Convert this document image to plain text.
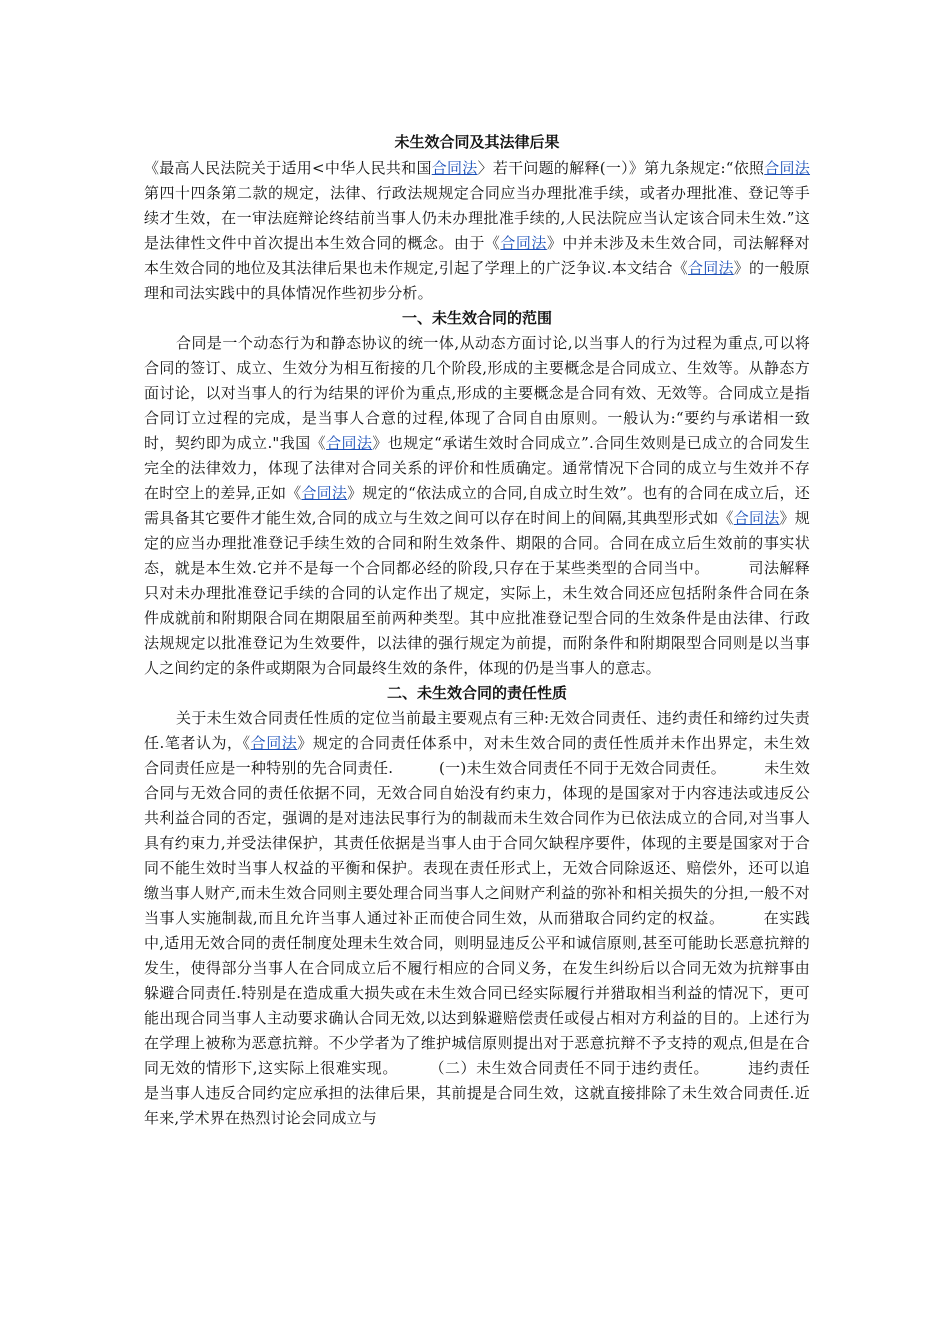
未生效合同及其法律后果

《最高人民法院关于适用<中华人民共和国合同法〉若干问题的解释(一）》第九条规定:“依照合同法第四十四条第二款的规定，法律、行政法规规定合同应当办理批准手续，或者办理批准、登记等手续才生效，在一审法庭辩论终结前当事人仍未办理批准手续的,人民法院应当认定该合同未生效.”这是法律性文件中首次提出本生效合同的概念。由于《合同法》中并未涉及未生效合同，司法解释对本生效合同的地位及其法律后果也未作规定,引起了学理上的广泛争议.本文结合《合同法》的一般原理和司法实践中的具体情况作些初步分析。

一、未生效合同的范围

合同是一个动态行为和静态协议的统一体,从动态方面讨论,以当事人的行为过程为重点,可以将合同的签订、成立、生效分为相互衔接的几个阶段,形成的主要概念是合同成立、生效等。从静态方面讨论，以对当事人的行为结果的评价为重点,形成的主要概念是合同有效、无效等。合同成立是指合同订立过程的完成，是当事人合意的过程,体现了合同自由原则。一般认为:“要约与承诺相一致时，契约即为成立."我国《合同法》也规定“承诺生效时合同成立”.合同生效则是已成立的合同发生完全的法律效力，体现了法律对合同关系的评价和性质确定。通常情况下合同的成立与生效并不存在时空上的差异,正如《合同法》规定的“依法成立的合同,自成立时生效”。也有的合同在成立后，还需具备其它要件才能生效,合同的成立与生效之间可以存在时间上的间隔,其典型形式如《合同法》规定的应当办理批准登记手续生效的合同和附生效条件、期限的合同。合同在成立后生效前的事实状态，就是本生效.它并不是每一个合同都必经的阶段,只存在于某些类型的合同当中。　　　司法解释只对未办理批准登记手续的合同的认定作出了规定，实际上，未生效合同还应包括附条件合同在条件成就前和附期限合同在期限届至前两种类型。其中应批准登记型合同的生效条件是由法律、行政法规规定以批准登记为生效要件，以法律的强行规定为前提，而附条件和附期限型合同则是以当事人之间约定的条件或期限为合同最终生效的条件，体现的仍是当事人的意志。

二、未生效合同的责任性质

关于未生效合同责任性质的定位当前最主要观点有三种:无效合同责任、违约责任和缔约过失责任.笔者认为，《合同法》规定的合同责任体系中，对未生效合同的责任性质并未作出界定，未生效合同责任应是一种特别的先合同责任.　　　(一)未生效合同责任不同于无效合同责任。　　　未生效合同与无效合同的责任依据不同，无效合同自始没有约束力，体现的是国家对于内容违法或违反公共利益合同的否定，强调的是对违法民事行为的制裁而未生效合同作为已依法成立的合同,对当事人具有约束力,并受法律保护，其责任依据是当事人由于合同欠缺程序要件，体现的主要是国家对于合同不能生效时当事人权益的平衡和保护。表现在责任形式上，无效合同除返还、赔偿外，还可以追缴当事人财产,而未生效合同则主要处理合同当事人之间财产利益的弥补和相关损失的分担,一般不对当事人实施制裁,而且允许当事人通过补正而使合同生效，从而猎取合同约定的权益。　　　在实践中,适用无效合同的责任制度处理未生效合同，则明显违反公平和诚信原则,甚至可能助长恶意抗辩的发生，使得部分当事人在合同成立后不履行相应的合同义务，在发生纠纷后以合同无效为抗辩事由躲避合同责任.特别是在造成重大损失或在未生效合同已经实际履行并猎取相当利益的情况下，更可能出现合同当事人主动要求确认合同无效,以达到躲避赔偿责任或侵占相对方利益的目的。上述行为在学理上被称为恶意抗辩。不少学者为了维护城信原则提出对于恶意抗辩不予支持的观点,但是在合同无效的情形下,这实际上很难实现。　　　（二）未生效合同责任不同于违约责任。　　　违约责任是当事人违反合同约定应承担的法律后果，其前提是合同生效，这就直接排除了未生效合同责任.近年来,学术界在热烈讨论会同成立与
